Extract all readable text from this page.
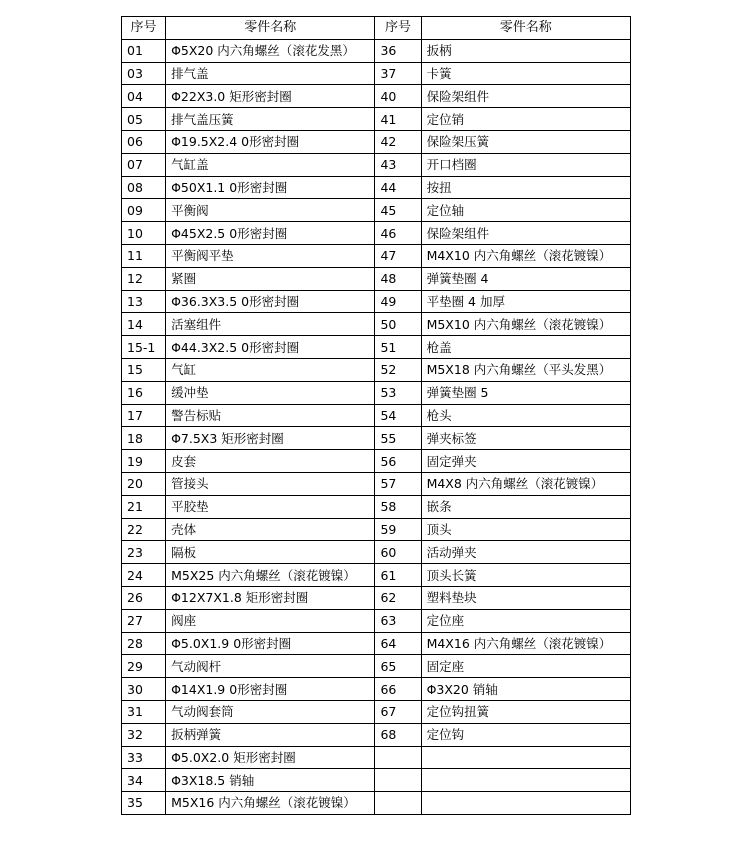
序号	零件名称	序号	零件名称
01	Φ5X20 内六角螺丝（滚花发黑）	36	扳柄
03	排气盖	37	卡簧
04	Φ22X3.0 矩形密封圈	40	保险架组件
05	排气盖压簧	41	定位销
06	Φ19.5X2.4 0形密封圈	42	保险架压簧
07	气缸盖	43	开口档圈
08	Φ50X1.1 0形密封圈	44	按扭
09	平衡阀	45	定位轴
10	Φ45X2.5 0形密封圈	46	保险架组件
11	平衡阀平垫	47	M4X10 内六角螺丝（滚花镀镍）
12	紧圈	48	弹簧垫圈 4
13	Φ36.3X3.5 0形密封圈	49	平垫圈 4 加厚
14	活塞组件	50	M5X10 内六角螺丝（滚花镀镍）
15-1	Φ44.3X2.5 0形密封圈	51	枪盖
15	气缸	52	M5X18 内六角螺丝（平头发黑）
16	缓冲垫	53	弹簧垫圈 5
17	警告标贴	54	枪头
18	Φ7.5X3 矩形密封圈	55	弹夹标签
19	皮套	56	固定弹夹
20	管接头	57	M4X8 内六角螺丝（滚花镀镍）
21	平胶垫	58	嵌条
22	壳体	59	顶头
23	隔板	60	活动弹夹
24	M5X25 内六角螺丝（滚花镀镍）	61	顶头长簧
26	Φ12X7X1.8 矩形密封圈	62	塑料垫块
27	阀座	63	定位座
28	Φ5.0X1.9 0形密封圈	64	M4X16 内六角螺丝（滚花镀镍）
29	气动阀杆	65	固定座
30	Φ14X1.9 0形密封圈	66	Φ3X20 销轴
31	气动阀套筒	67	定位钩扭簧
32	扳柄弹簧	68	定位钩
33	Φ5.0X2.0 矩形密封圈		
34	Φ3X18.5 销轴		
35	M5X16 内六角螺丝（滚花镀镍）		
